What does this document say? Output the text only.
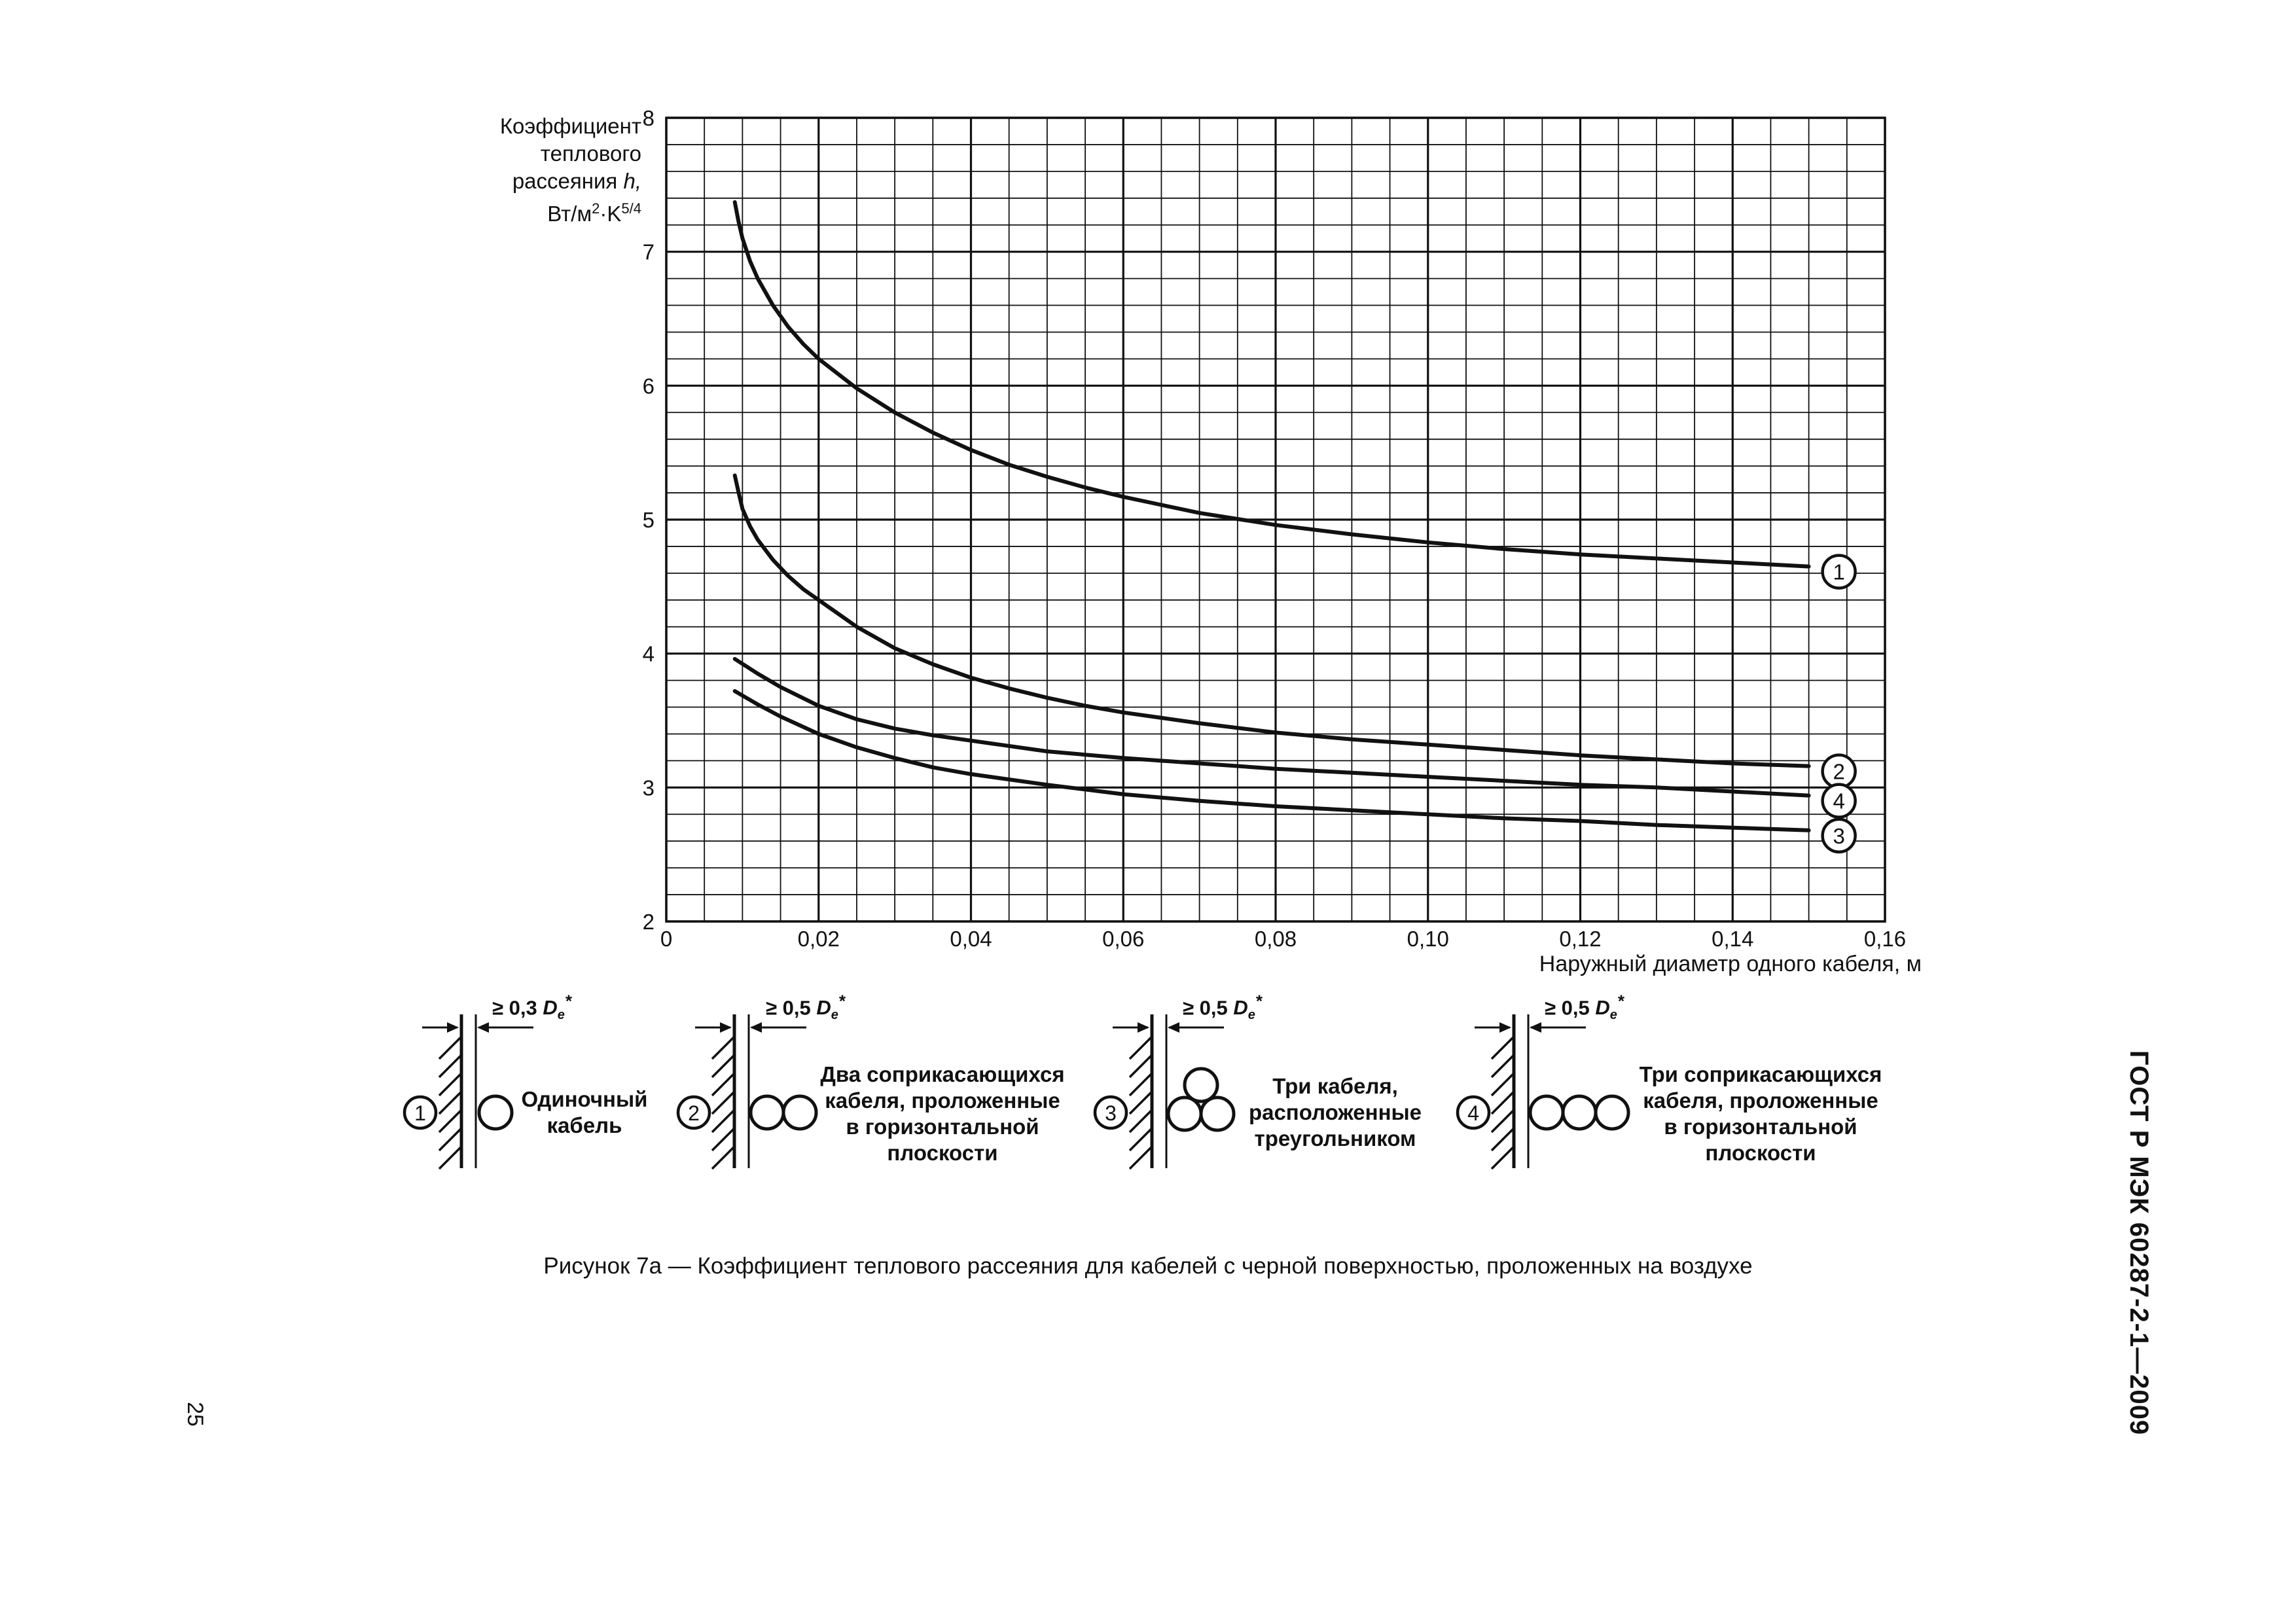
0	0,02	0,04	0,06	0,08	0,10	0,12	0,14	0,16
2
3
4
5
6
7
8
1
2
3
4
1	2	3	4
Коэффициент
теплового
рассеяния h,
$Вт/м^2\cdot K^{5/4}$
Наружный диаметр одного кабеля, м
≥ 0,3 $D_e^*$	≥ 0,5 $D_e^*$	≥ 0,5 $D_e^*$	≥ 0,5 $D_e^*$
Одиночный
кабель
Два соприкасающихся
кабеля, проложенные
в горизонтальной
плоскости
Три кабеля,
расположенные
треугольником
Три соприкасающихся
кабеля, проложенные
в горизонтальной
плоскости
Рисунок 7а — Коэффициент теплового рассеяния для кабелей с черной поверхностью, проложенных на воздухе	ГОСТ Р МЭК 60287-2-1—2009
25
